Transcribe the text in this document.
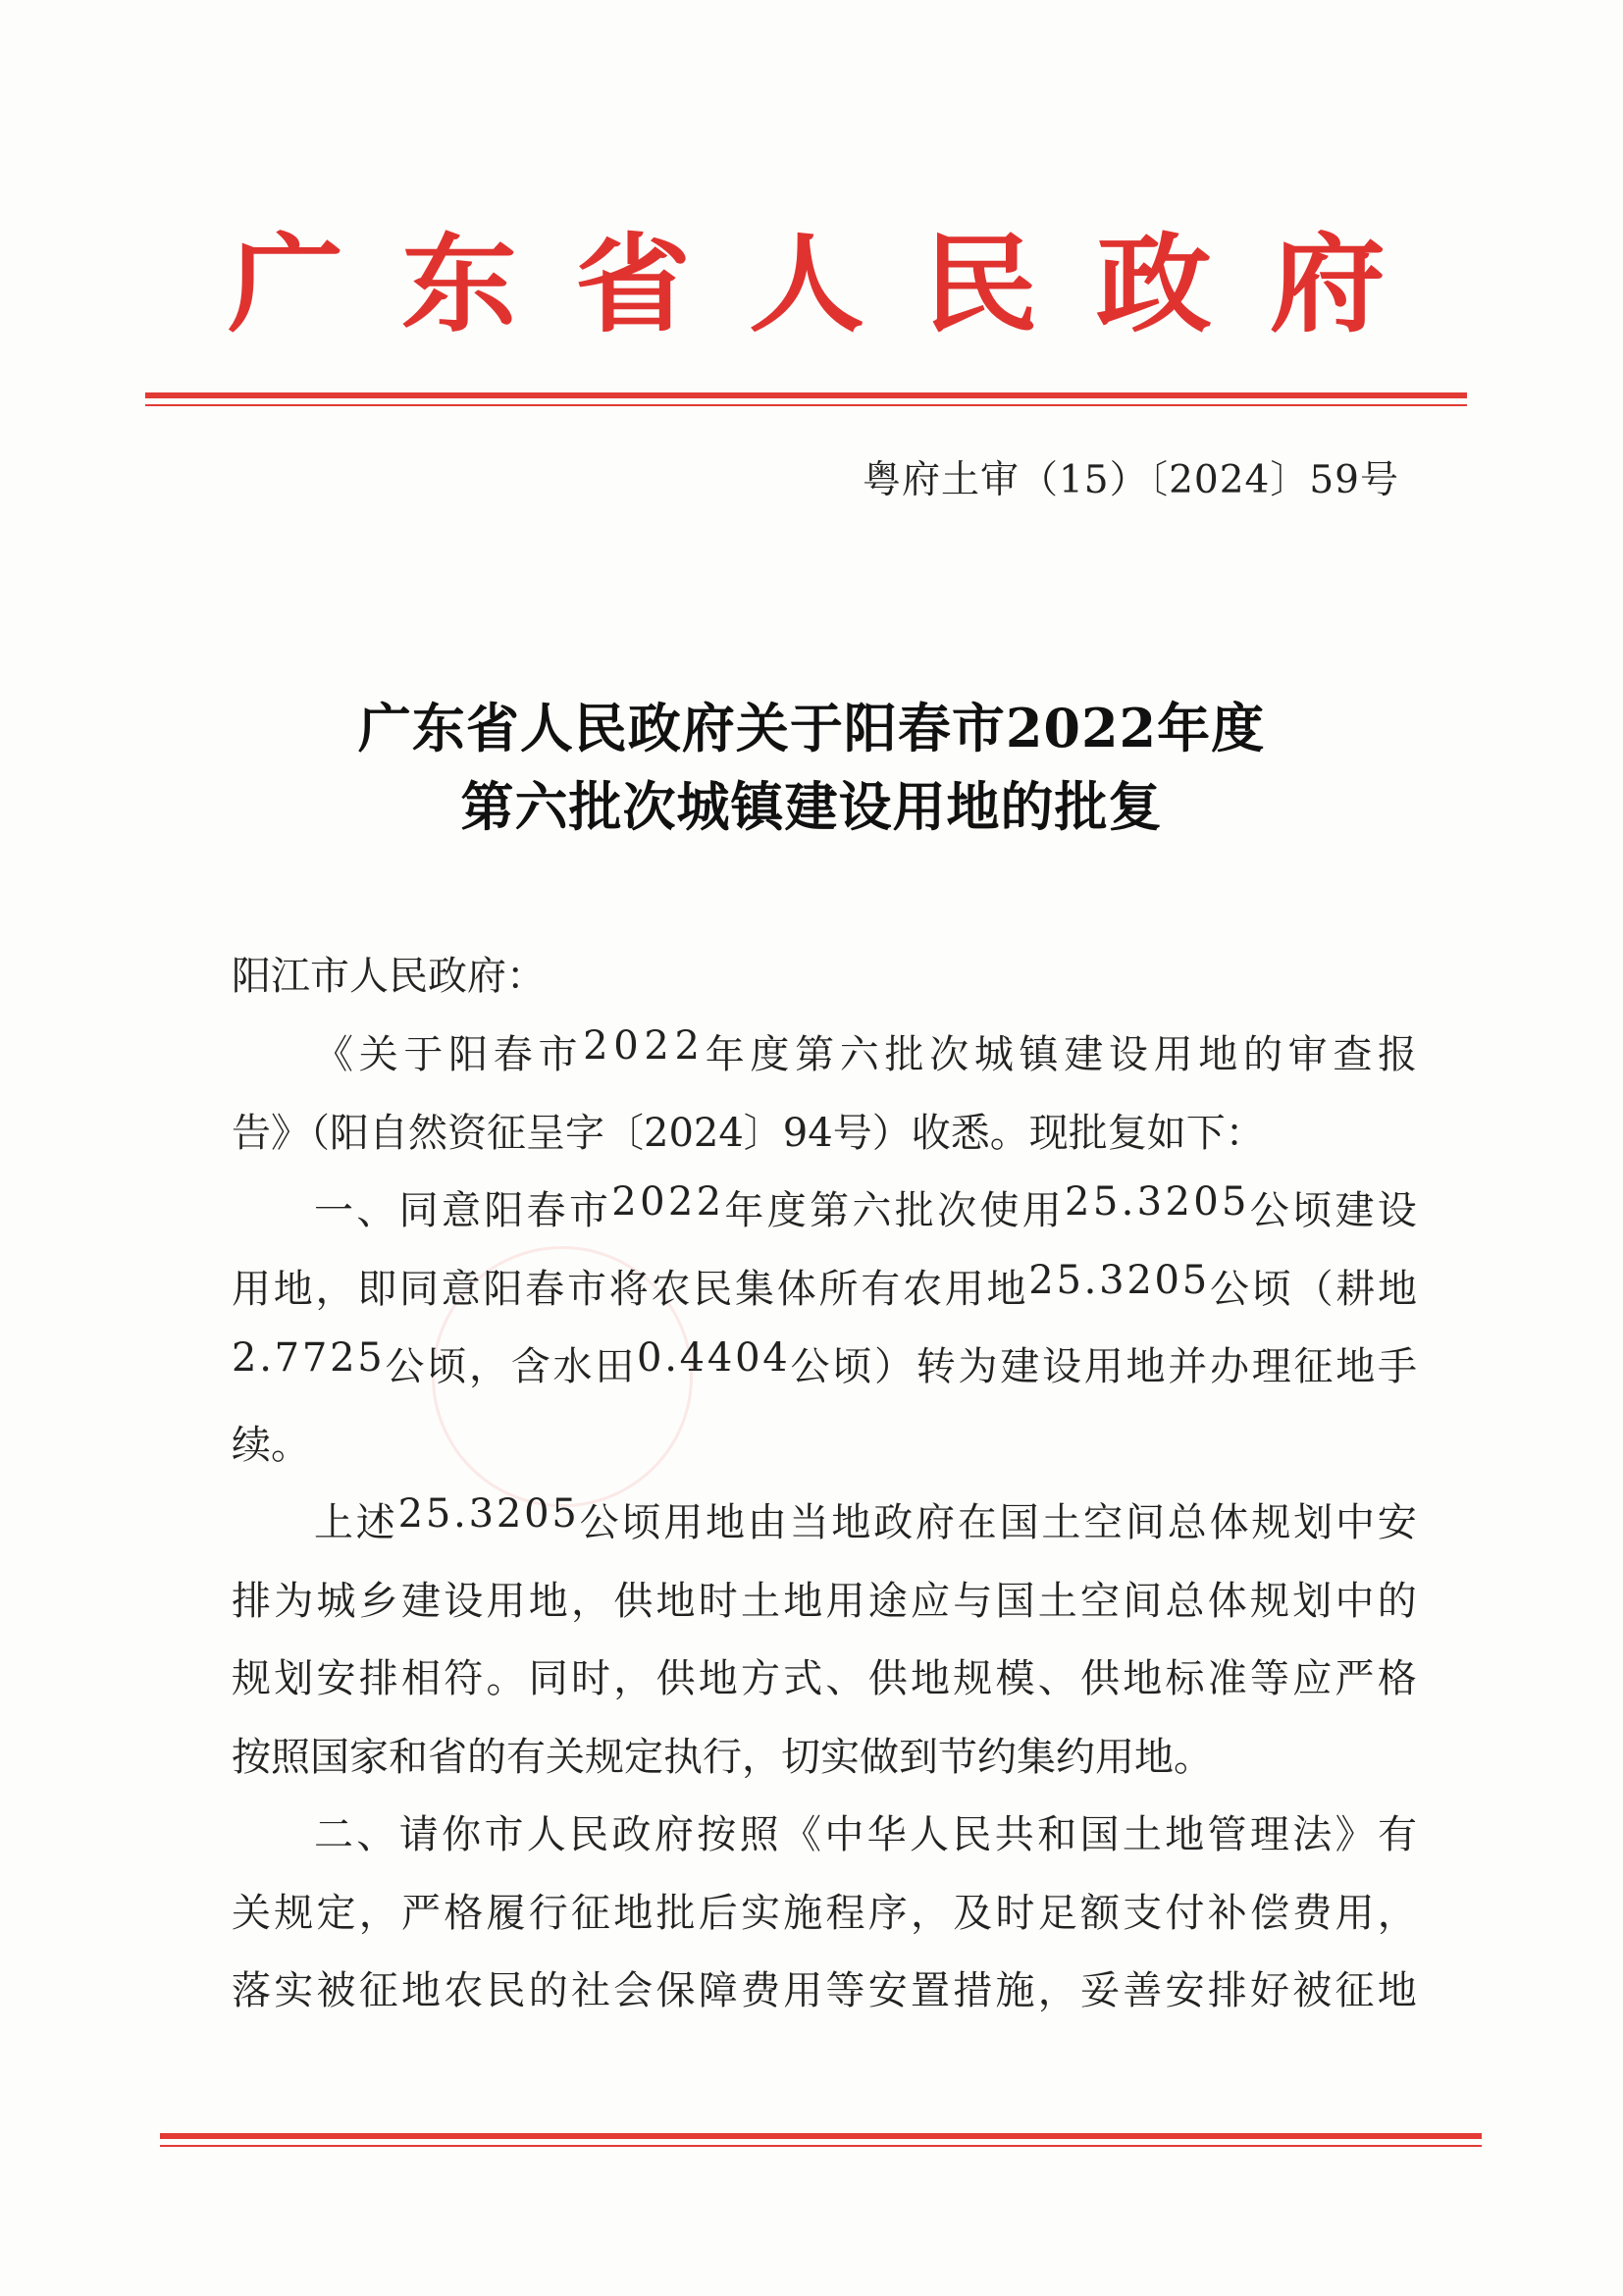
广 东 省 人 民 政 府
粤府土审（15）〔2024〕59号
广东省人民政府关于阳春市2022年度
第六批次城镇建设用地的批复
阳江市人民政府：
《 关 于 阳 春 市 2 0 2 2 年 度 第 六 批 次 城 镇 建 设 用 地 的 审 查 报
告》（阳自然资征呈字〔2024〕94号）收悉。现批复如下：
一 、 同 意 阳 春 市 2 0 2 2 年 度 第 六 批 次 使 用 2 5 . 3 2 0 5 公 顷 建 设
用 地 ， 即 同 意 阳 春 市 将 农 民 集 体 所 有 农 用 地 2 5 . 3 2 0 5 公 顷 （ 耕 地
2 . 7 7 2 5 公 顷 ， 含 水 田 0 . 4 4 0 4 公 顷 ） 转 为 建 设 用 地 并 办 理 征 地 手
续。
上 述 2 5 . 3 2 0 5 公 顷 用 地 由 当 地 政 府 在 国 土 空 间 总 体 规 划 中 安
排 为 城 乡 建 设 用 地 ， 供 地 时 土 地 用 途 应 与 国 土 空 间 总 体 规 划 中 的
规 划 安 排 相 符 。 同 时 ， 供 地 方 式 、 供 地 规 模 、 供 地 标 准 等 应 严 格
按照国家和省的有关规定执行，切实做到节约集约用地。
二 、 请 你 市 人 民 政 府 按 照 《 中 华 人 民 共 和 国 土 地 管 理 法 》 有
关 规 定 ， 严 格 履 行 征 地 批 后 实 施 程 序 ， 及 时 足 额 支 付 补 偿 费 用 ，
落 实 被 征 地 农 民 的 社 会 保 障 费 用 等 安 置 措 施 ， 妥 善 安 排 好 被 征 地
